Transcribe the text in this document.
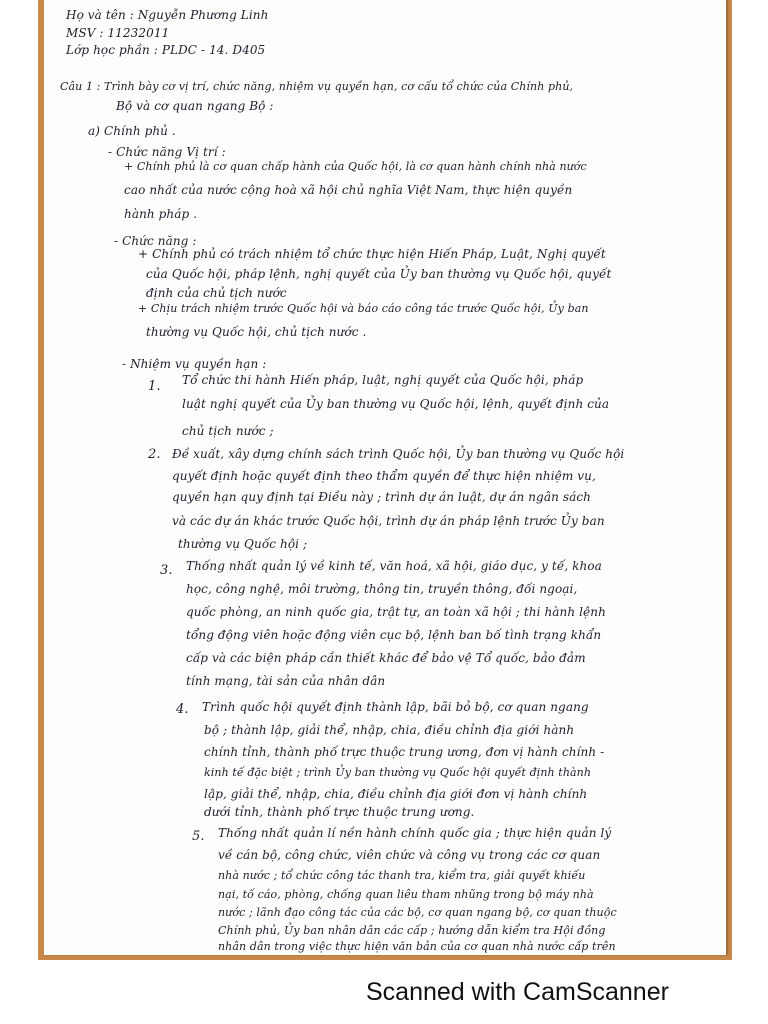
Họ và tên : Nguyễn Phương Linh
MSV : 11232011
Lớp học phần : PLDC - 14. D405
Câu 1 : Trình bày cơ vị trí, chức năng, nhiệm vụ quyền hạn, cơ cấu tổ chức của Chính phủ,
Bộ và cơ quan ngang Bộ :
a) Chính phủ .
- Chức năng Vị trí :
+ Chính phủ là cơ quan chấp hành của Quốc hội, là cơ quan hành chính nhà nước
cao nhất của nước cộng hoà xã hội chủ nghĩa Việt Nam, thực hiện quyền
hành pháp .
- Chức năng :
+ Chính phủ có trách nhiệm tổ chức thực hiện Hiến Pháp, Luật, Nghị quyết
của Quốc hội, pháp lệnh, nghị quyết của Ủy ban thường vụ Quốc hội, quyết
định của chủ tịch nước
+ Chịu trách nhiệm trước Quốc hội và báo cáo công tác trước Quốc hội, Ủy ban
thường vụ Quốc hội, chủ tịch nước .
- Nhiệm vụ quyền hạn :
1. Tổ chức thi hành Hiến pháp, luật, nghị quyết của Quốc hội, pháp
luật nghị quyết của Ủy ban thường vụ Quốc hội, lệnh, quyết định của
chủ tịch nước ;
2. Đề xuất, xây dựng chính sách trình Quốc hội, Ủy ban thường vụ Quốc hội
quyết định hoặc quyết định theo thẩm quyền để thực hiện nhiệm vụ,
quyền hạn quy định tại Điều này ; trình dự án luật, dự án ngân sách
và các dự án khác trước Quốc hội, trình dự án pháp lệnh trước Ủy ban
thường vụ Quốc hội ;
3. Thống nhất quản lý về kinh tế, văn hoá, xã hội, giáo dục, y tế, khoa
học, công nghệ, môi trường, thông tin, truyền thông, đối ngoại,
quốc phòng, an ninh quốc gia, trật tự, an toàn xã hội ; thi hành lệnh
tổng động viên hoặc động viên cục bộ, lệnh ban bố tình trạng khẩn
cấp và các biện pháp cần thiết khác để bảo vệ Tổ quốc, bảo đảm
tính mạng, tài sản của nhân dân
4. Trình quốc hội quyết định thành lập, bãi bỏ bộ, cơ quan ngang
bộ ; thành lập, giải thể, nhập, chia, điều chỉnh địa giới hành
chính tỉnh, thành phố trực thuộc trung ương, đơn vị hành chính -
kinh tế đặc biệt ; trình Ủy ban thường vụ Quốc hội quyết định thành
lập, giải thể, nhập, chia, điều chỉnh địa giới đơn vị hành chính
dưới tỉnh, thành phố trực thuộc trung ương.
5. Thống nhất quản lí nền hành chính quốc gia ; thực hiện quản lý
về cán bộ, công chức, viên chức và công vụ trong các cơ quan
nhà nước ; tổ chức công tác thanh tra, kiểm tra, giải quyết khiếu
nại, tố cáo, phòng, chống quan liêu tham nhũng trong bộ máy nhà
nước ; lãnh đạo công tác của các bộ, cơ quan ngang bộ, cơ quan thuộc
Chính phủ, Ủy ban nhân dân các cấp ; hướng dẫn kiểm tra Hội đồng
nhân dân trong việc thực hiện văn bản của cơ quan nhà nước cấp trên
Scanned with CamScanner
